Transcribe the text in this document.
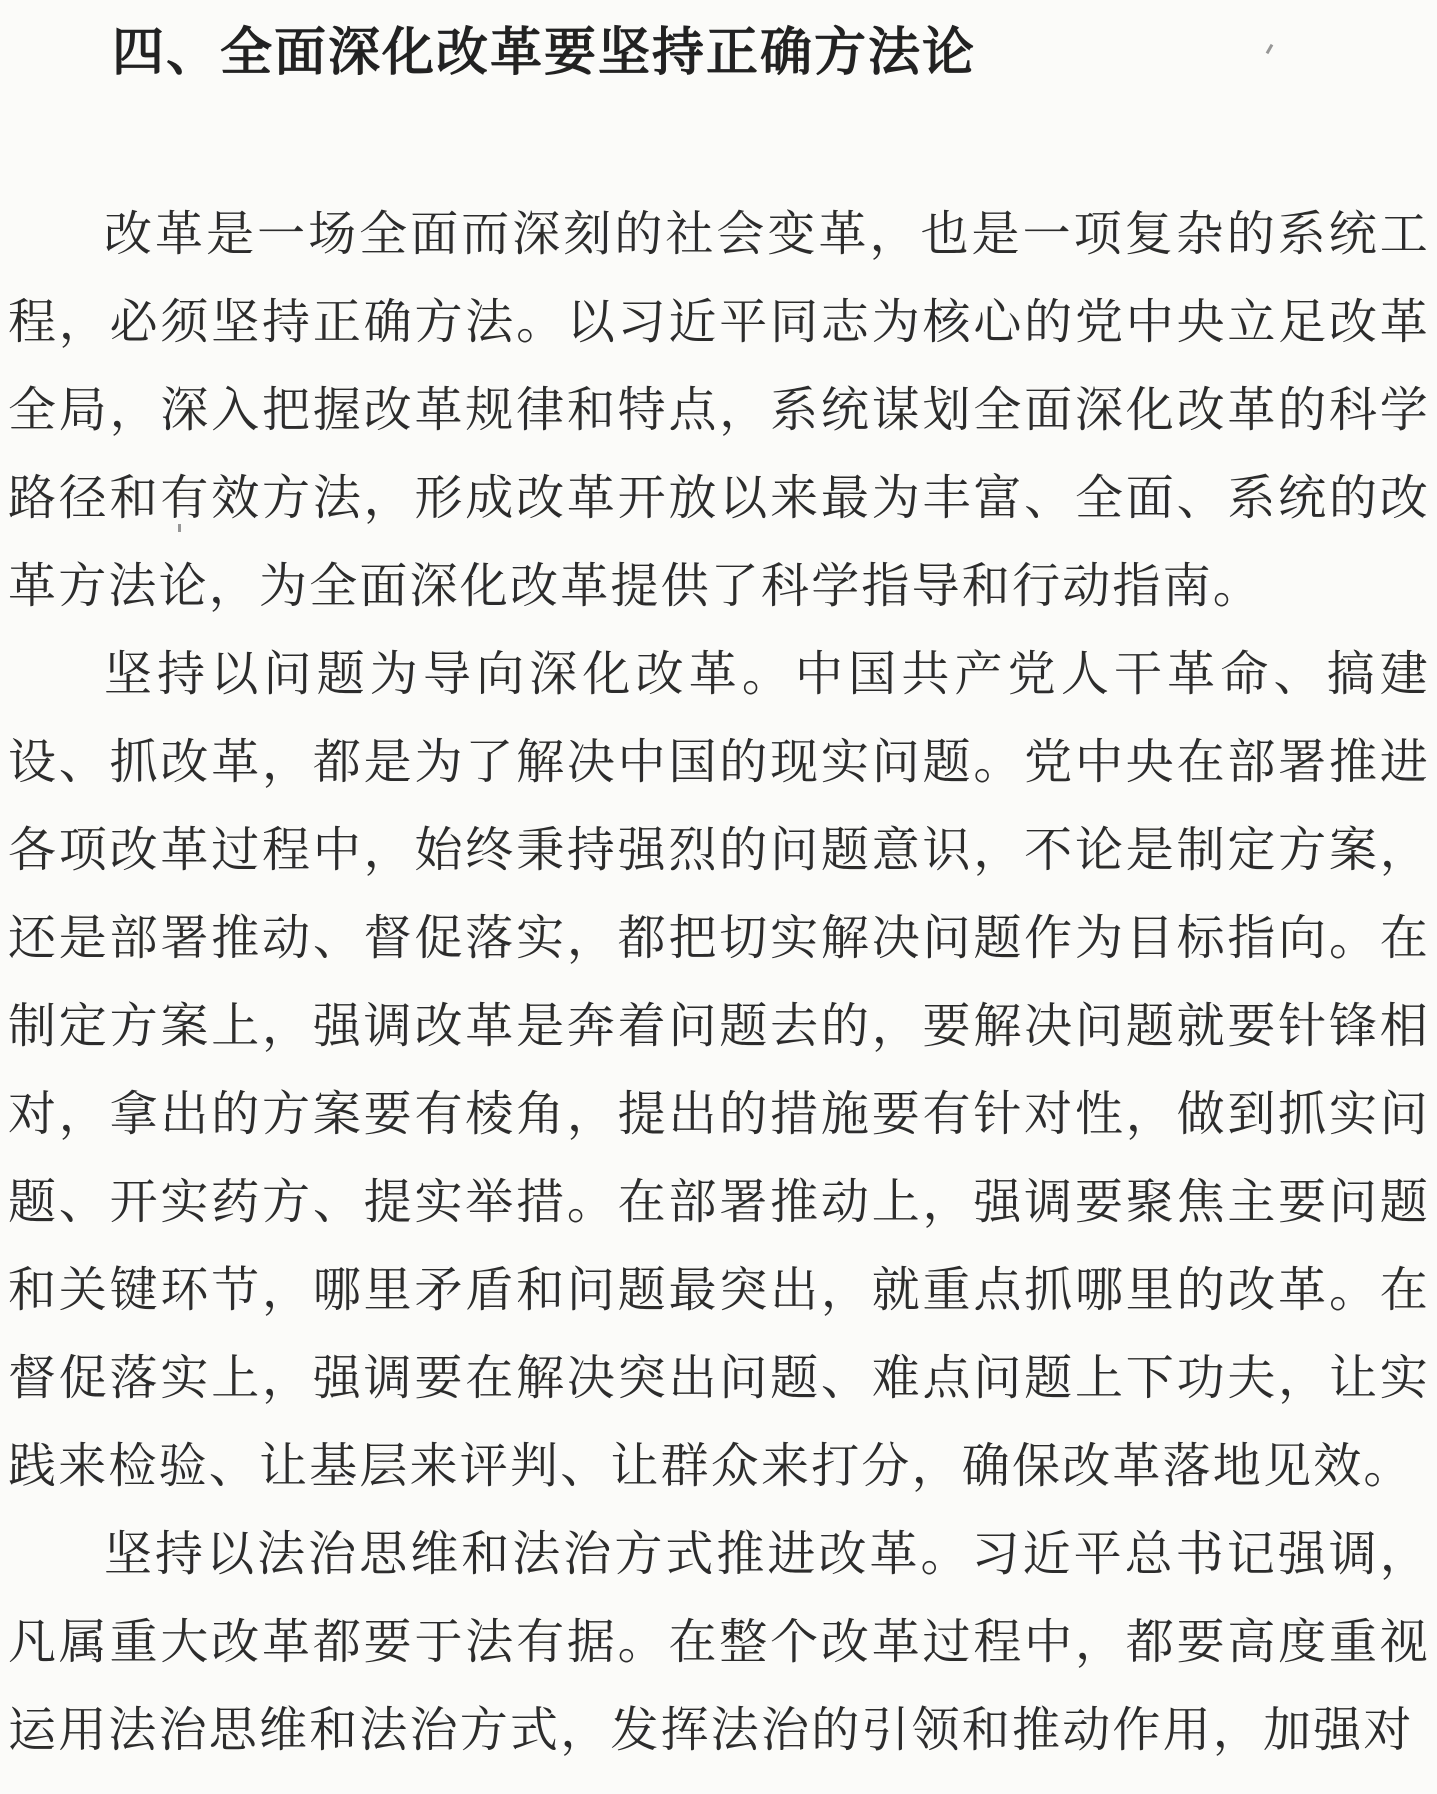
四、全面深化改革要坚持正确方法论

改革是一场全面而深刻的社会变革，也是一项复杂的系统工程，必须坚持正确方法。以习近平同志为核心的党中央立足改革全局，深入把握改革规律和特点，系统谋划全面深化改革的科学路径和有效方法，形成改革开放以来最为丰富、全面、系统的改革方法论，为全面深化改革提供了科学指导和行动指南。

坚持以问题为导向深化改革。中国共产党人干革命、搞建设、抓改革，都是为了解决中国的现实问题。党中央在部署推进各项改革过程中，始终秉持强烈的问题意识，不论是制定方案，还是部署推动、督促落实，都把切实解决问题作为目标指向。在制定方案上，强调改革是奔着问题去的，要解决问题就要针锋相对，拿出的方案要有棱角，提出的措施要有针对性，做到抓实问题、开实药方、提实举措。在部署推动上，强调要聚焦主要问题和关键环节，哪里矛盾和问题最突出，就重点抓哪里的改革。在督促落实上，强调要在解决突出问题、难点问题上下功夫，让实践来检验、让基层来评判、让群众来打分，确保改革落地见效。

坚持以法治思维和法治方式推进改革。习近平总书记强调，凡属重大改革都要于法有据。在整个改革过程中，都要高度重视运用法治思维和法治方式，发挥法治的引领和推动作用，加强对
